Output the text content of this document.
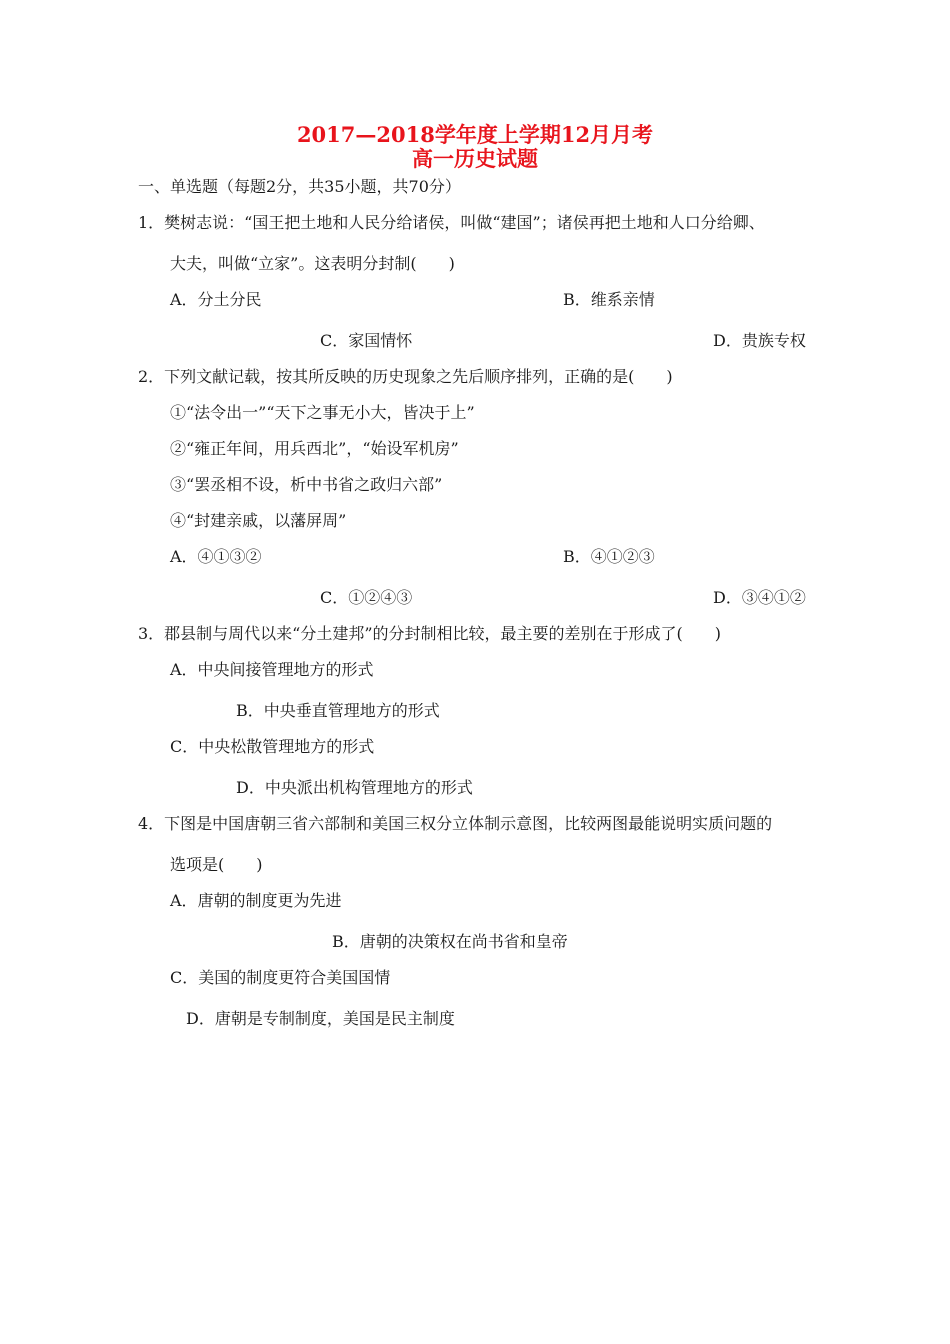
2017—2018学年度上学期12月月考
高一历史试题
一、单选题（每题2分，共35小题，共70分）
1．樊树志说：“国王把土地和人民分给诸侯，叫做“建国”；诸侯再把土地和人口分给卿、
大夫，叫做“立家”。这表明分封制(　　)
A．分土分民	B．维系亲情
C．家国情怀	D．贵族专权
2．下列文献记载，按其所反映的历史现象之先后顺序排列，正确的是(　　)
①“法令出一”“天下之事无小大，皆决于上”
②“雍正年间，用兵西北”，“始设军机房”
③“罢丞相不设，析中书省之政归六部”
④“封建亲戚，以藩屏周”
A．④①③②	B．④①②③
C．①②④③	D．③④①②
3．郡县制与周代以来“分土建邦”的分封制相比较，最主要的差别在于形成了(　　)
A．中央间接管理地方的形式
B．中央垂直管理地方的形式
C．中央松散管理地方的形式
D．中央派出机构管理地方的形式
4．下图是中国唐朝三省六部制和美国三权分立体制示意图，比较两图最能说明实质问题的
选项是(　　)
A．唐朝的制度更为先进
B．唐朝的决策权在尚书省和皇帝
C．美国的制度更符合美国国情
D．唐朝是专制制度，美国是民主制度
